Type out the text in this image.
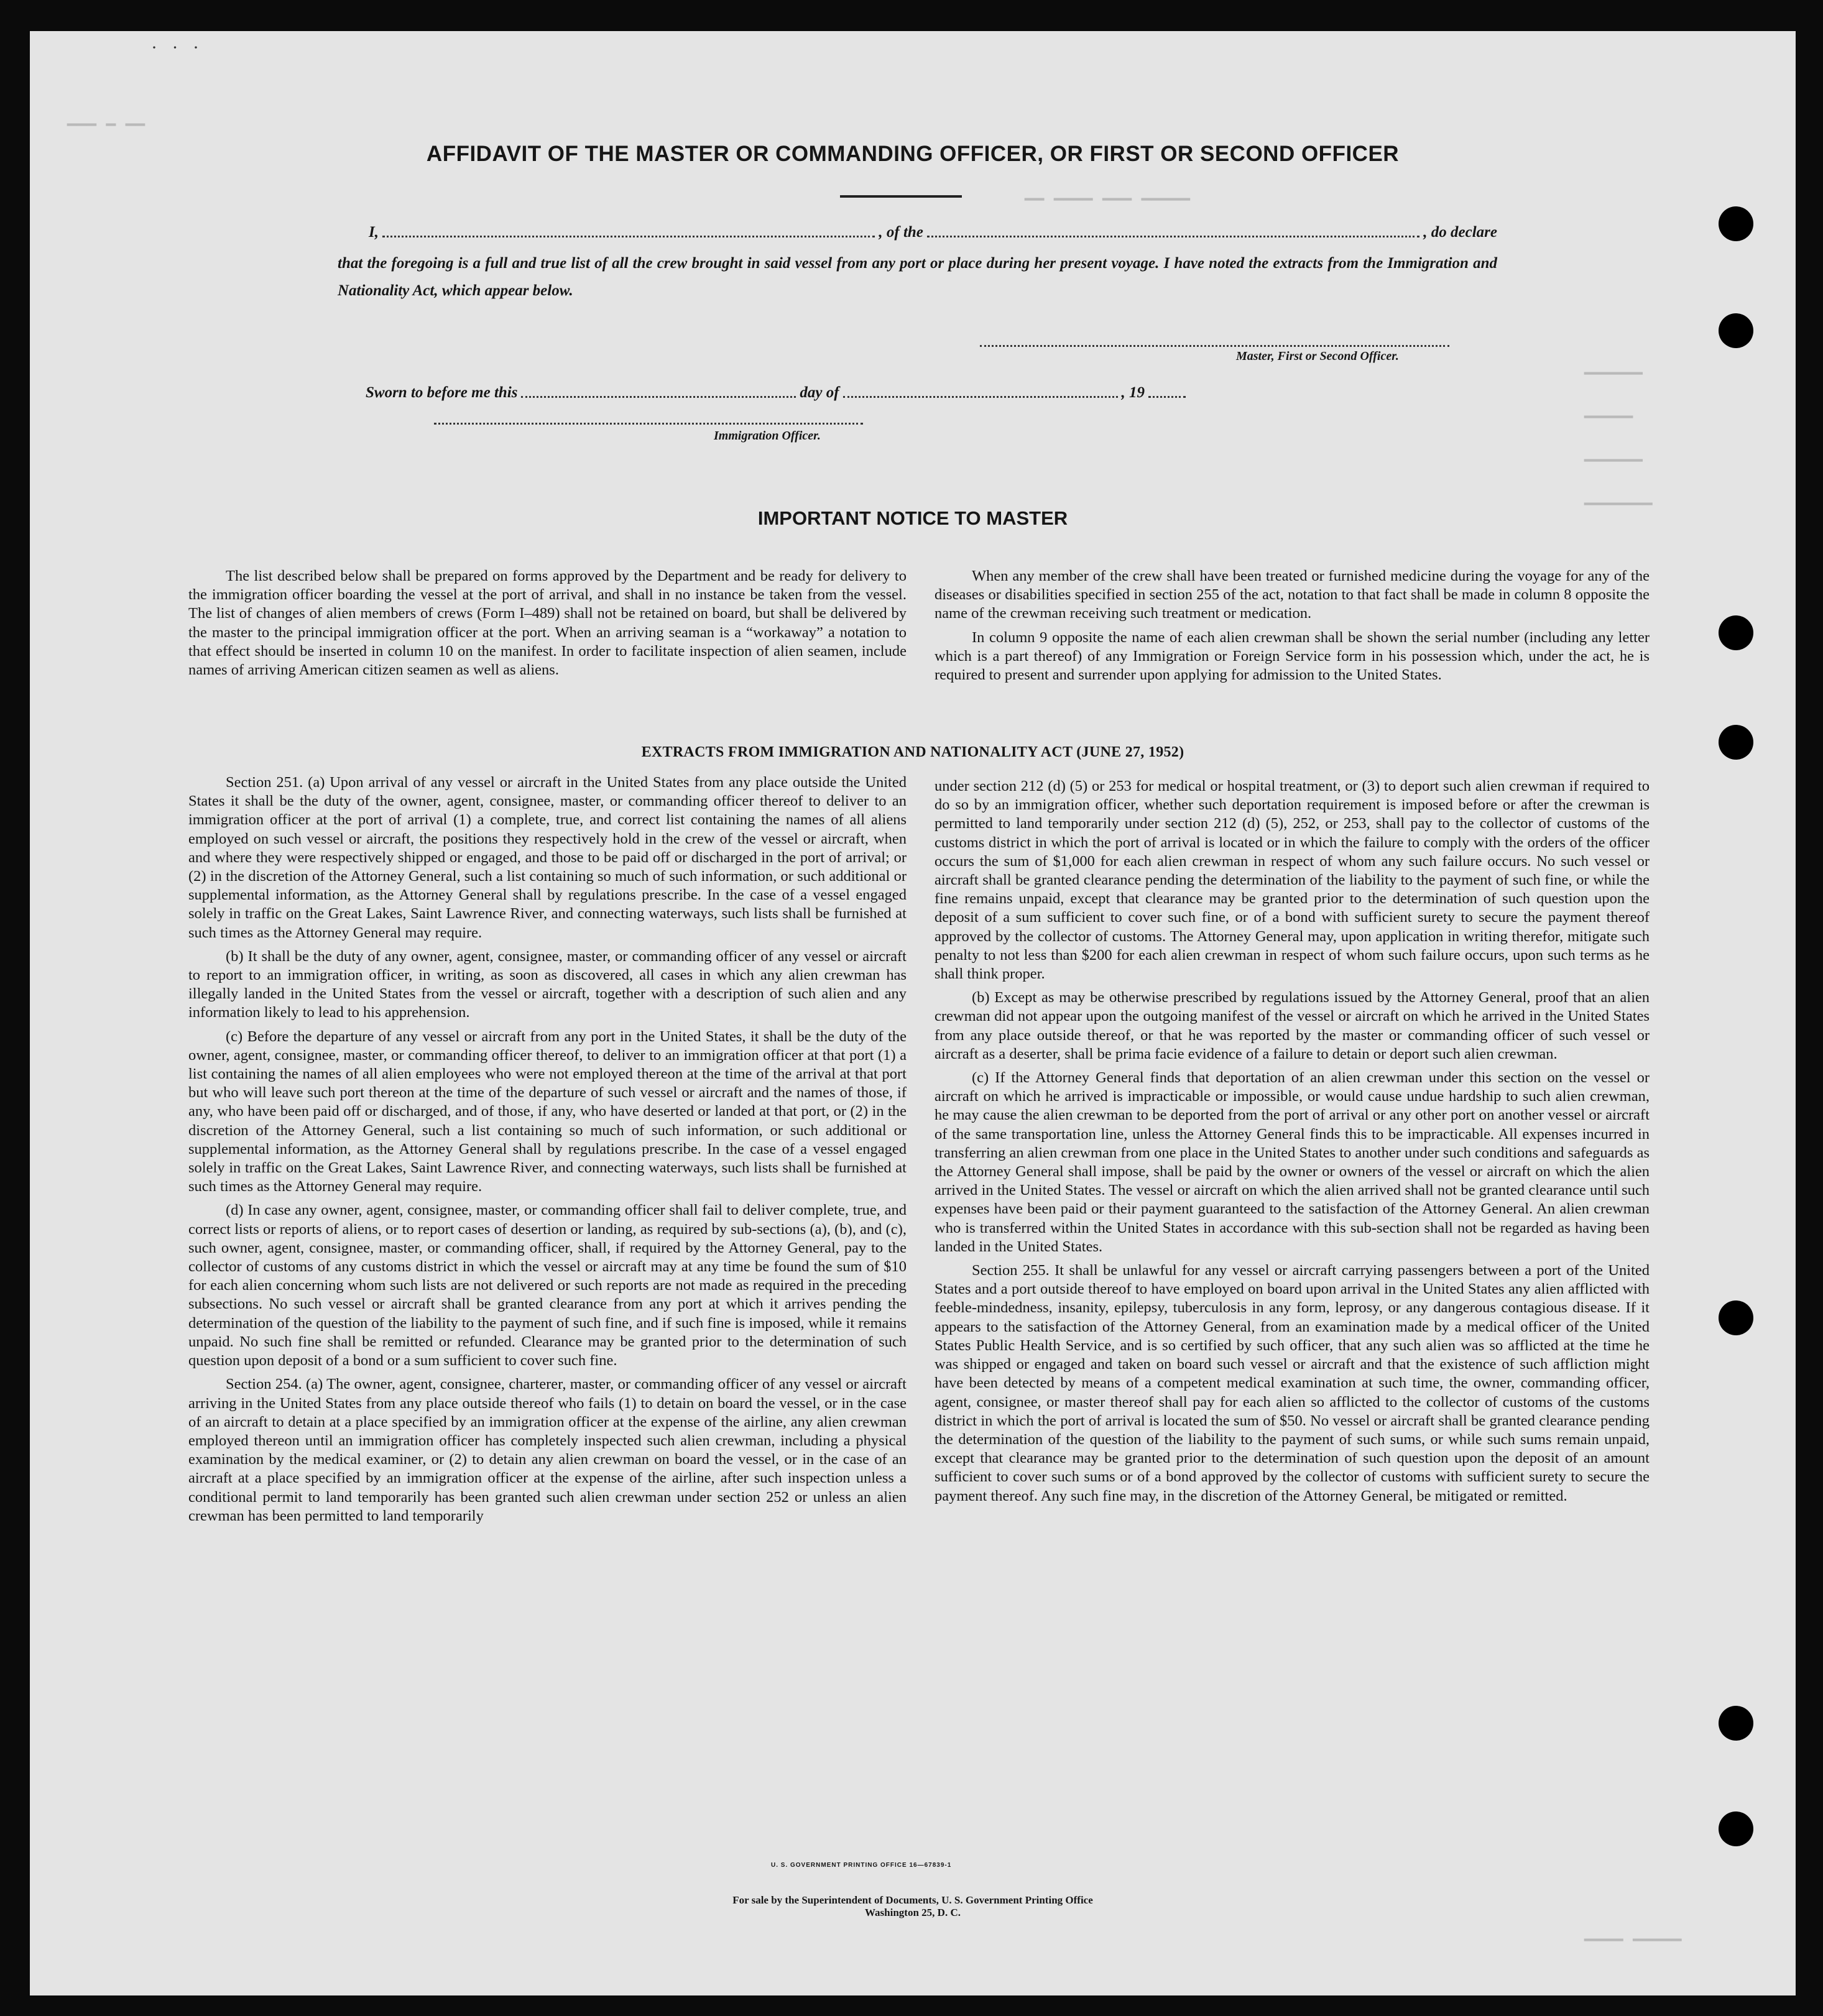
· · ·
▔▔ ▔ ▔▔▔
▔▔▔▔▔ ▔▔▔ ▔▔▔▔ ▔▔
▔▔▔▔▔▔
▔▔▔▔▔
▔▔▔▔▔▔
▔▔▔▔▔▔▔
▔▔▔▔▔ ▔▔▔▔
AFFIDAVIT OF THE MASTER OR COMMANDING OFFICER, OR FIRST OR SECOND OFFICER
I,	, of the	, do declare
that the foregoing is a full and true list of all the crew brought in said vessel from any port or place during her present voyage. I have noted the extracts from the Immigration and Nationality Act, which appear below.
Master, First or Second Officer.
Sworn to before me this	day of	, 19
Immigration Officer.
IMPORTANT NOTICE TO MASTER

The list described below shall be prepared on forms approved by the Department and be ready for delivery to the immigration officer boarding the vessel at the port of arrival, and shall in no instance be taken from the vessel. The list of changes of alien members of crews (Form I–489) shall not be retained on board, but shall be delivered by the master to the principal immigration officer at the port. When an arriving seaman is a “workaway” a notation to that effect should be inserted in column 10 on the manifest. In order to facilitate inspection of alien seamen, include names of arriving American citizen seamen as well as aliens.

When any member of the crew shall have been treated or furnished medicine during the voyage for any of the diseases or disabilities specified in section 255 of the act, notation to that fact shall be made in column 8 opposite the name of the crewman receiving such treatment or medication.

In column 9 opposite the name of each alien crewman shall be shown the serial number (including any letter which is a part thereof) of any Immigration or Foreign Service form in his possession which, under the act, he is required to present and surrender upon applying for admission to the United States.

EXTRACTS FROM IMMIGRATION AND NATIONALITY ACT (JUNE 27, 1952)

Section 251. (a) Upon arrival of any vessel or aircraft in the United States from any place outside the United States it shall be the duty of the owner, agent, consignee, master, or commanding officer thereof to deliver to an immigration officer at the port of arrival (1) a complete, true, and correct list containing the names of all aliens employed on such vessel or aircraft, the positions they respectively hold in the crew of the vessel or aircraft, when and where they were respectively shipped or engaged, and those to be paid off or discharged in the port of arrival; or (2) in the discretion of the Attorney General, such a list containing so much of such information, or such additional or supplemental information, as the Attorney General shall by regulations prescribe. In the case of a vessel engaged solely in traffic on the Great Lakes, Saint Lawrence River, and connecting waterways, such lists shall be furnished at such times as the Attorney General may require.

(b) It shall be the duty of any owner, agent, consignee, master, or commanding officer of any vessel or aircraft to report to an immigration officer, in writing, as soon as discovered, all cases in which any alien crewman has illegally landed in the United States from the vessel or aircraft, together with a description of such alien and any information likely to lead to his apprehension.

(c) Before the departure of any vessel or aircraft from any port in the United States, it shall be the duty of the owner, agent, consignee, master, or commanding officer thereof, to deliver to an immigration officer at that port (1) a list containing the names of all alien employees who were not employed thereon at the time of the arrival at that port but who will leave such port thereon at the time of the departure of such vessel or aircraft and the names of those, if any, who have been paid off or discharged, and of those, if any, who have deserted or landed at that port, or (2) in the discretion of the Attorney General, such a list containing so much of such information, or such additional or supplemental information, as the Attorney General shall by regulations prescribe. In the case of a vessel engaged solely in traffic on the Great Lakes, Saint Lawrence River, and connecting waterways, such lists shall be furnished at such times as the Attorney General may require.

(d) In case any owner, agent, consignee, master, or commanding officer shall fail to deliver complete, true, and correct lists or reports of aliens, or to report cases of desertion or landing, as required by sub-sections (a), (b), and (c), such owner, agent, consignee, master, or commanding officer, shall, if required by the Attorney General, pay to the collector of customs of any customs district in which the vessel or aircraft may at any time be found the sum of $10 for each alien concerning whom such lists are not delivered or such reports are not made as required in the preceding subsections. No such vessel or aircraft shall be granted clearance from any port at which it arrives pending the determination of the question of the liability to the payment of such fine, and if such fine is imposed, while it remains unpaid. No such fine shall be remitted or refunded. Clearance may be granted prior to the determination of such question upon deposit of a bond or a sum sufficient to cover such fine.

Section 254. (a) The owner, agent, consignee, charterer, master, or commanding officer of any vessel or aircraft arriving in the United States from any place outside thereof who fails (1) to detain on board the vessel, or in the case of an aircraft to detain at a place specified by an immigration officer at the expense of the airline, any alien crewman employed thereon until an immigration officer has completely inspected such alien crewman, including a physical examination by the medical examiner, or (2) to detain any alien crewman on board the vessel, or in the case of an aircraft at a place specified by an immigration officer at the expense of the airline, after such inspection unless a conditional permit to land temporarily has been granted such alien crewman under section 252 or unless an alien crewman has been permitted to land temporarily

under section 212 (d) (5) or 253 for medical or hospital treatment, or (3) to deport such alien crewman if required to do so by an immigration officer, whether such deportation requirement is imposed before or after the crewman is permitted to land temporarily under section 212 (d) (5), 252, or 253, shall pay to the collector of customs of the customs district in which the port of arrival is located or in which the failure to comply with the orders of the officer occurs the sum of $1,000 for each alien crewman in respect of whom any such failure occurs. No such vessel or aircraft shall be granted clearance pending the determination of the liability to the payment of such fine, or while the fine remains unpaid, except that clearance may be granted prior to the determination of such question upon the deposit of a sum sufficient to cover such fine, or of a bond with sufficient surety to secure the payment thereof approved by the collector of customs. The Attorney General may, upon application in writing therefor, mitigate such penalty to not less than $200 for each alien crewman in respect of whom such failure occurs, upon such terms as he shall think proper.

(b) Except as may be otherwise prescribed by regulations issued by the Attorney General, proof that an alien crewman did not appear upon the outgoing manifest of the vessel or aircraft on which he arrived in the United States from any place outside thereof, or that he was reported by the master or commanding officer of such vessel or aircraft as a deserter, shall be prima facie evidence of a failure to detain or deport such alien crewman.

(c) If the Attorney General finds that deportation of an alien crewman under this section on the vessel or aircraft on which he arrived is impracticable or impossible, or would cause undue hardship to such alien crewman, he may cause the alien crewman to be deported from the port of arrival or any other port on another vessel or aircraft of the same transportation line, unless the Attorney General finds this to be impracticable. All expenses incurred in transferring an alien crewman from one place in the United States to another under such conditions and safeguards as the Attorney General shall impose, shall be paid by the owner or owners of the vessel or aircraft on which the alien arrived in the United States. The vessel or aircraft on which the alien arrived shall not be granted clearance until such expenses have been paid or their payment guaranteed to the satisfaction of the Attorney General. An alien crewman who is transferred within the United States in accordance with this sub-section shall not be regarded as having been landed in the United States.

Section 255. It shall be unlawful for any vessel or aircraft carrying passengers between a port of the United States and a port outside thereof to have employed on board upon arrival in the United States any alien afflicted with feeble-mindedness, insanity, epilepsy, tuberculosis in any form, leprosy, or any dangerous contagious disease. If it appears to the satisfaction of the Attorney General, from an examination made by a medical officer of the United States Public Health Service, and is so certified by such officer, that any such alien was so afflicted at the time he was shipped or engaged and taken on board such vessel or aircraft and that the existence of such affliction might have been detected by means of a competent medical examination at such time, the owner, commanding officer, agent, consignee, or master thereof shall pay for each alien so afflicted to the collector of customs of the customs district in which the port of arrival is located the sum of $50. No vessel or aircraft shall be granted clearance pending the determination of the question of the liability to the payment of such sums, or while such sums remain unpaid, except that clearance may be granted prior to the determination of such question upon the deposit of an amount sufficient to cover such sums or of a bond approved by the collector of customs with sufficient surety to secure the payment thereof. Any such fine may, in the discretion of the Attorney General, be mitigated or remitted.

U. S. GOVERNMENT PRINTING OFFICE 16—67839-1
For sale by the Superintendent of Documents, U. S. Government Printing Office
Washington 25, D. C.
